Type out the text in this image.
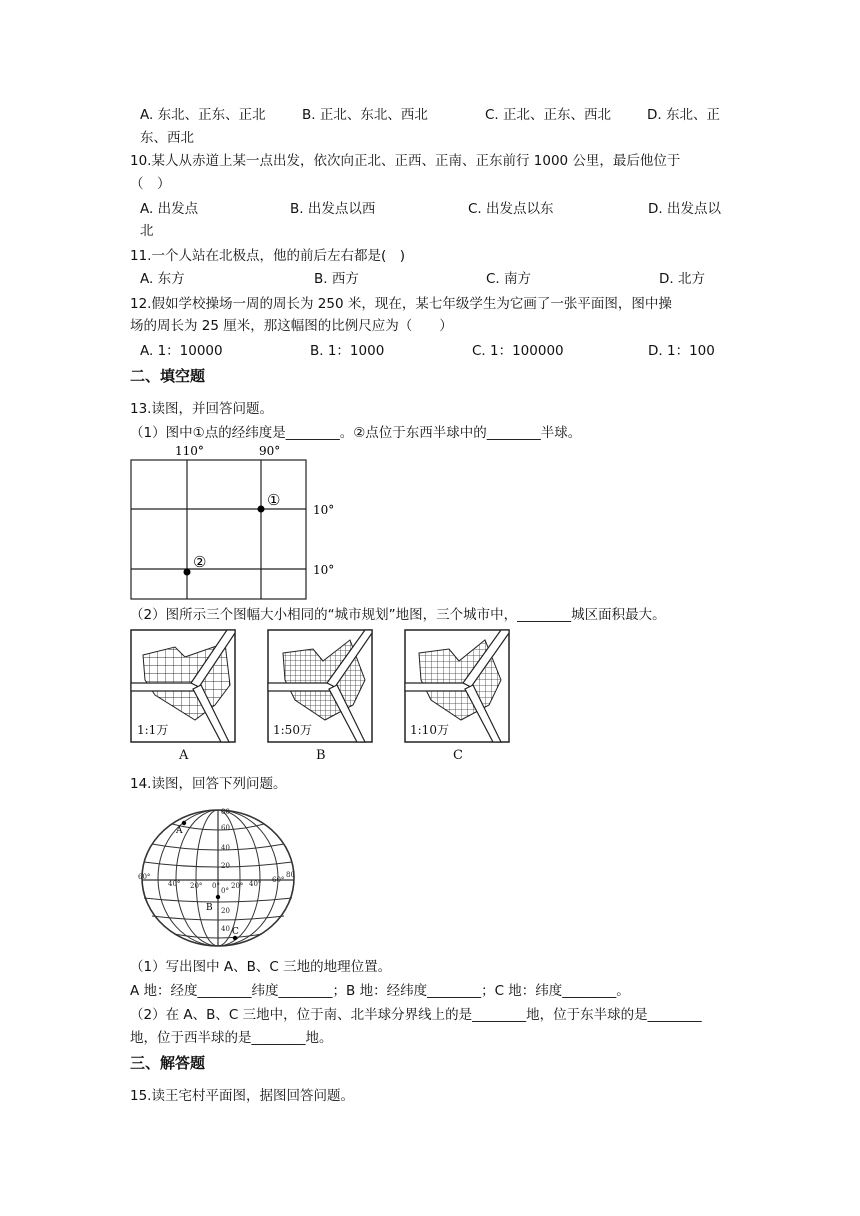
A. 东北、正东、正北	B. 正北、东北、西北	C. 正北、正东、西北	D. 东北、正
东、西北
10.某人从赤道上某一点出发，依次向正北、正西、正南、正东前行 1000 公里，最后他位于
（　）
A. 出发点	B. 出发点以西	C. 出发点以东	D. 出发点以
北
11.一个人站在北极点，他的前后左右都是(　)
A. 东方	B. 西方	C. 南方	D. 北方
12.假如学校操场一周的周长为 250 米，现在，某七年级学生为它画了一张平面图，图中操
场的周长为 25 厘米，那这幅图的比例尺应为（　　）
A. 1：10000	B. 1：1000	C. 1：100000	D. 1：100
二、填空题
13.读图，并回答问题。
（1）图中①点的经纬度是________。②点位于东西半球中的________半球。
110°	90°
10°
10°
①
②
（2）图所示三个图幅大小相同的“城市规划”地图，三个城市中，________城区面积最大。
1:1万	1:50万	1:10万
A	B	C
14.读图，回答下列问题。
A
B
C
80
60
40
20
0°
20
40
60°
40° 20° 0° 20° 40° 60°
80
（1）写出图中 A、B、C 三地的地理位置。
A 地：经度________纬度________；B 地：经纬度________；C 地：纬度________。
（2）在 A、B、C 三地中，位于南、北半球分界线上的是________地，位于东半球的是________
地，位于西半球的是________地。
三、解答题
15.读王宅村平面图，据图回答问题。
